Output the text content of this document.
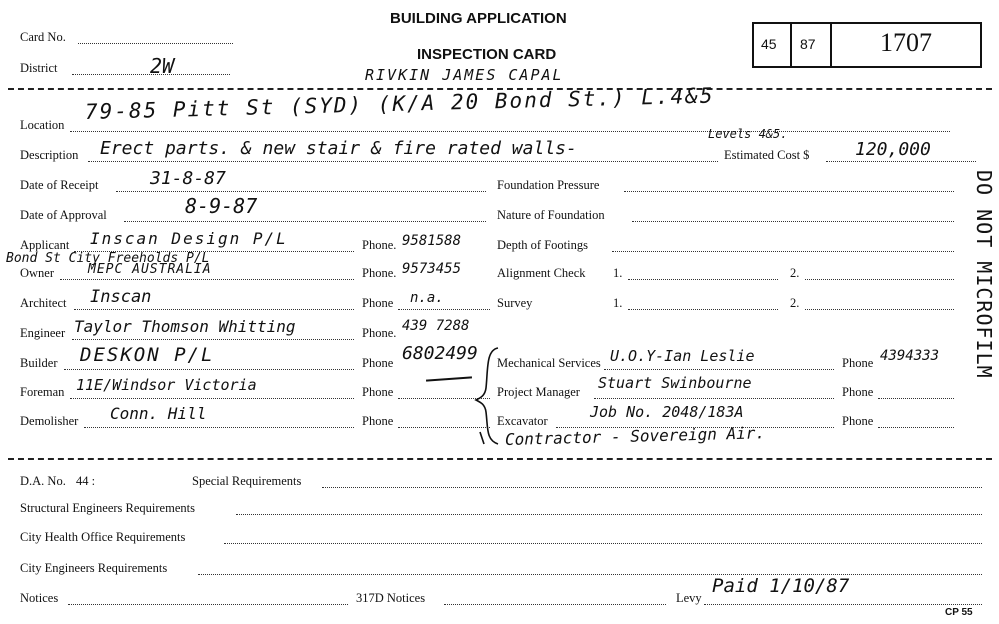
BUILDING APPLICATION
INSPECTION CARD
Card No.
District	2W	RIVKIN JAMES CAPAL
45 87 1707
Location
79-85 Pitt St (SYD) (K/A 20 Bond St.) L.4&5
Levels 4&5.
Description Erect parts. & new stair & fire rated walls-	Estimated Cost $	120,000
Date of Receipt	31-8-87	Foundation Pressure
Date of Approval	8-9-87	Nature of Foundation
Applicant Inscan Design P/L	Phone. 9581588	Depth of Footings
Bond St City Freeholds P/L
Owner	MEPC AUSTRALIA	Phone. 9573455	Alignment Check 1.	2.
Architect Inscan	Phone n.a.	Survey	1.	2.
Engineer Taylor Thomson Whitting	Phone. 439 7288
Builder DESKON P/L	Phone 6802499 Mechanical Services U.O.Y-Ian Leslie	Phone 4394333
Foreman 11E/Windsor Victoria	Phone	Project Manager Stuart Swinbourne	Phone
Demolisher Conn. Hill	Phone	Excavator	Job No. 2048/183A	Phone
Contractor - Sovereign Air.
DO NOT MICROFILM
D.A. No. 44 :	Special Requirements
Structural Engineers Requirements
City Health Office Requirements
City Engineers Requirements
Notices	317D Notices	Levy
Paid 1/10/87
CP 55
